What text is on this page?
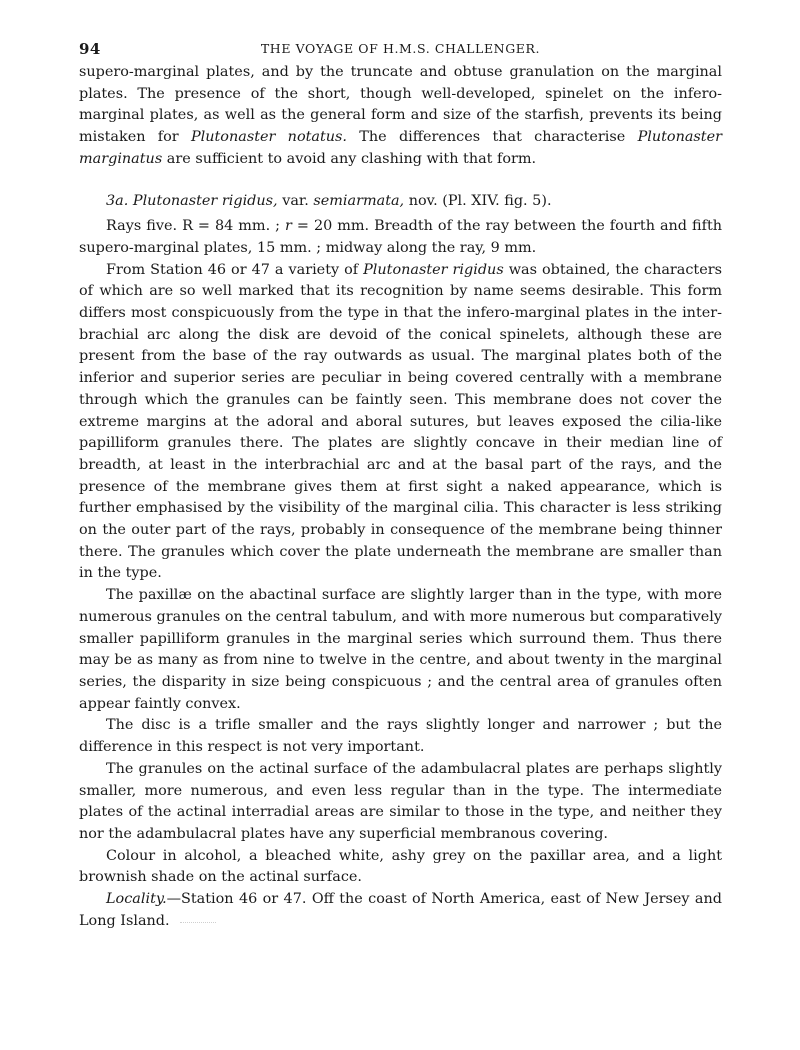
94	THE VOYAGE OF H.M.S. CHALLENGER.

supero-marginal plates, and by the truncate and obtuse granulation on the marginal plates. The presence of the short, though well-developed, spinelet on the infero-marginal plates, as well as the general form and size of the starfish, prevents its being mistaken for Plutonaster notatus. The differences that characterise Plutonaster marginatus are sufficient to avoid any clashing with that form.

3a. Plutonaster rigidus, var. semiarmata, nov. (Pl. XIV. fig. 5).

Rays five. R = 84 mm. ; r = 20 mm. Breadth of the ray between the fourth and fifth supero-marginal plates, 15 mm. ; midway along the ray, 9 mm.

From Station 46 or 47 a variety of Plutonaster rigidus was obtained, the characters of which are so well marked that its recognition by name seems desirable. This form differs most conspicuously from the type in that the infero-marginal plates in the inter-brachial arc along the disk are devoid of the conical spinelets, although these are present from the base of the ray outwards as usual. The marginal plates both of the inferior and superior series are peculiar in being covered centrally with a membrane through which the granules can be faintly seen. This membrane does not cover the extreme margins at the adoral and aboral sutures, but leaves exposed the cilia-like papilliform granules there. The plates are slightly concave in their median line of breadth, at least in the interbrachial arc and at the basal part of the rays, and the presence of the membrane gives them at first sight a naked appearance, which is further emphasised by the visibility of the marginal cilia. This character is less striking on the outer part of the rays, probably in consequence of the membrane being thinner there. The granules which cover the plate underneath the membrane are smaller than in the type.

The paxillæ on the abactinal surface are slightly larger than in the type, with more numerous granules on the central tabulum, and with more numerous but comparatively smaller papilliform granules in the marginal series which surround them. Thus there may be as many as from nine to twelve in the centre, and about twenty in the marginal series, the disparity in size being conspicuous ; and the central area of granules often appear faintly convex.

The disc is a trifle smaller and the rays slightly longer and narrower ; but the difference in this respect is not very important.

The granules on the actinal surface of the adambulacral plates are perhaps slightly smaller, more numerous, and even less regular than in the type. The intermediate plates of the actinal interradial areas are similar to those in the type, and neither they nor the adambulacral plates have any superficial membranous covering.

Colour in alcohol, a bleached white, ashy grey on the paxillar area, and a light brownish shade on the actinal surface.

Locality.—Station 46 or 47. Off the coast of North America, east of New Jersey and Long Island.
